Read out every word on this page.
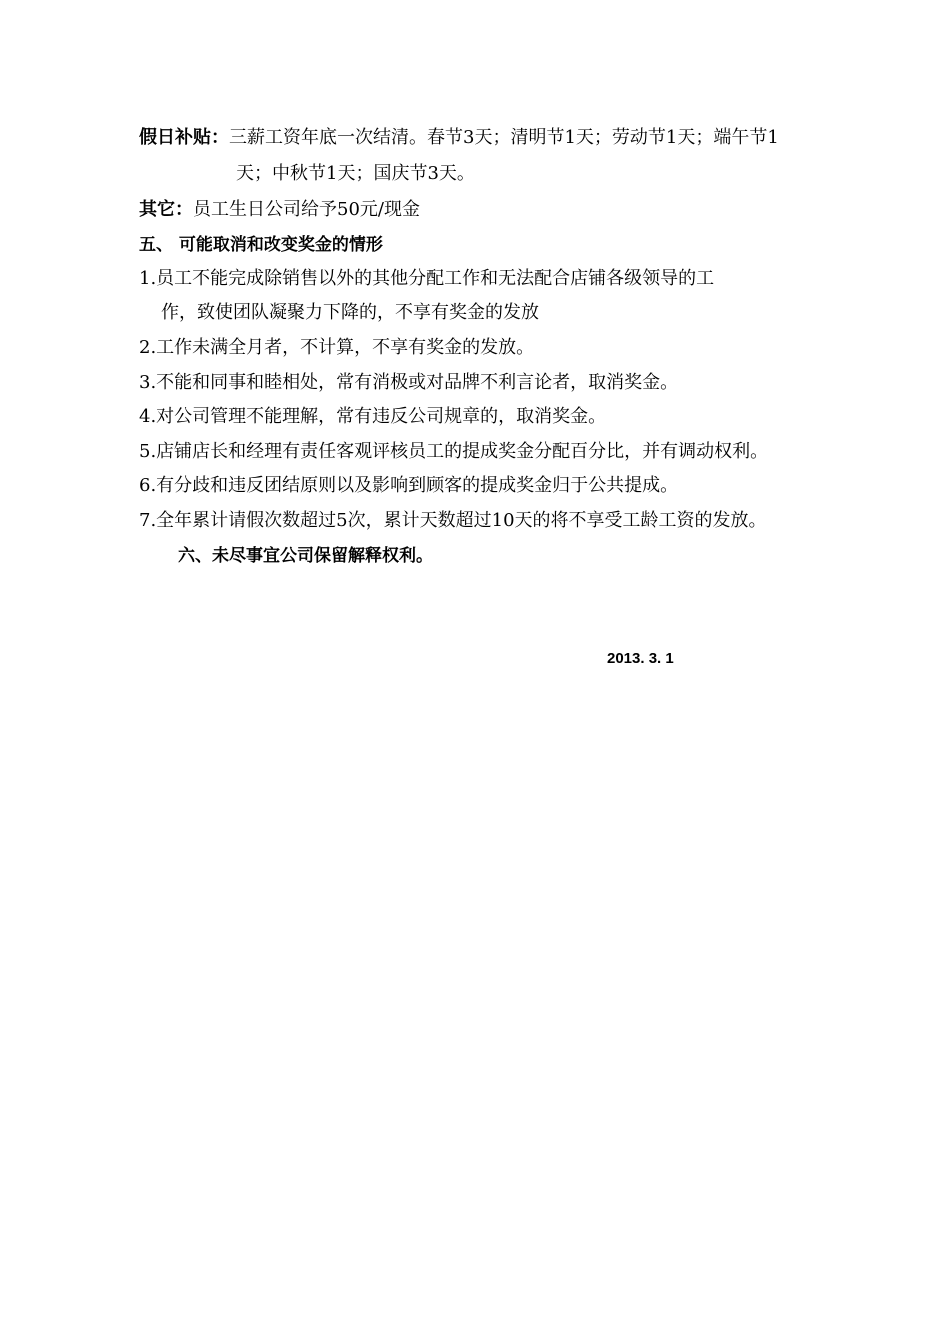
假日补贴：三薪工资年底一次结清。春节3天；清明节1天；劳动节1天；端午节1
天；中秋节1天；国庆节3天。
其它：员工生日公司给予50元/现金
五、 可能取消和改变奖金的情形
1.员工不能完成除销售以外的其他分配工作和无法配合店铺各级领导的工
作，致使团队凝聚力下降的，不享有奖金的发放
2.工作未满全月者，不计算，不享有奖金的发放。
3.不能和同事和睦相处，常有消极或对品牌不利言论者，取消奖金。
4.对公司管理不能理解，常有违反公司规章的，取消奖金。
5.店铺店长和经理有责任客观评核员工的提成奖金分配百分比，并有调动权利。
6.有分歧和违反团结原则以及影响到顾客的提成奖金归于公共提成。
7.全年累计请假次数超过5次，累计天数超过10天的将不享受工龄工资的发放。
六、未尽事宜公司保留解释权利。
2013. 3. 1
